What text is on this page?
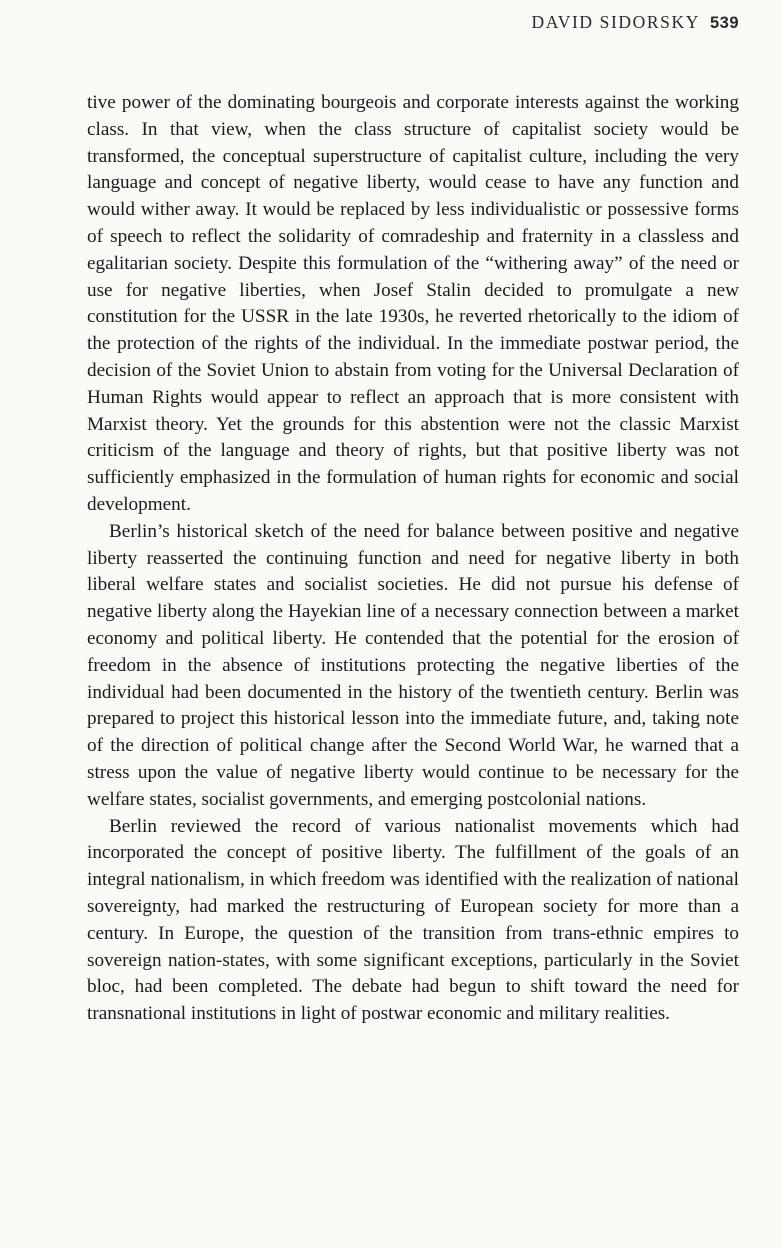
DAVID SIDORSKY 539

tive power of the dominating bourgeois and corporate interests against the working class. In that view, when the class structure of capitalist society would be transformed, the conceptual superstructure of capitalist culture, including the very language and concept of negative liberty, would cease to have any function and would wither away. It would be replaced by less individualistic or possessive forms of speech to reflect the solidarity of comradeship and fraternity in a classless and egalitarian society. Despite this formulation of the “withering away” of the need or use for negative liberties, when Josef Stalin decided to promulgate a new constitution for the USSR in the late 1930s, he reverted rhetorically to the idiom of the protection of the rights of the individual. In the immediate postwar period, the decision of the Soviet Union to abstain from voting for the Universal Declaration of Human Rights would appear to reflect an approach that is more consistent with Marxist theory. Yet the grounds for this abstention were not the classic Marxist criticism of the language and theory of rights, but that positive liberty was not sufficiently emphasized in the formulation of human rights for economic and social development.

Berlin’s historical sketch of the need for balance between positive and negative liberty reasserted the continuing function and need for negative liberty in both liberal welfare states and socialist societies. He did not pursue his defense of negative liberty along the Hayekian line of a necessary connection between a market economy and political liberty. He contended that the potential for the erosion of freedom in the absence of institutions protecting the negative liberties of the individual had been documented in the history of the twentieth century. Berlin was prepared to project this historical lesson into the immediate future, and, taking note of the direction of political change after the Second World War, he warned that a stress upon the value of negative liberty would continue to be necessary for the welfare states, socialist governments, and emerging postcolonial nations.

Berlin reviewed the record of various nationalist movements which had incorporated the concept of positive liberty. The fulfillment of the goals of an integral nationalism, in which freedom was identified with the realization of national sovereignty, had marked the restructuring of European society for more than a century. In Europe, the question of the transition from trans-ethnic empires to sovereign nation-states, with some significant exceptions, particularly in the Soviet bloc, had been completed. The debate had begun to shift toward the need for transnational institutions in light of postwar economic and military realities.
